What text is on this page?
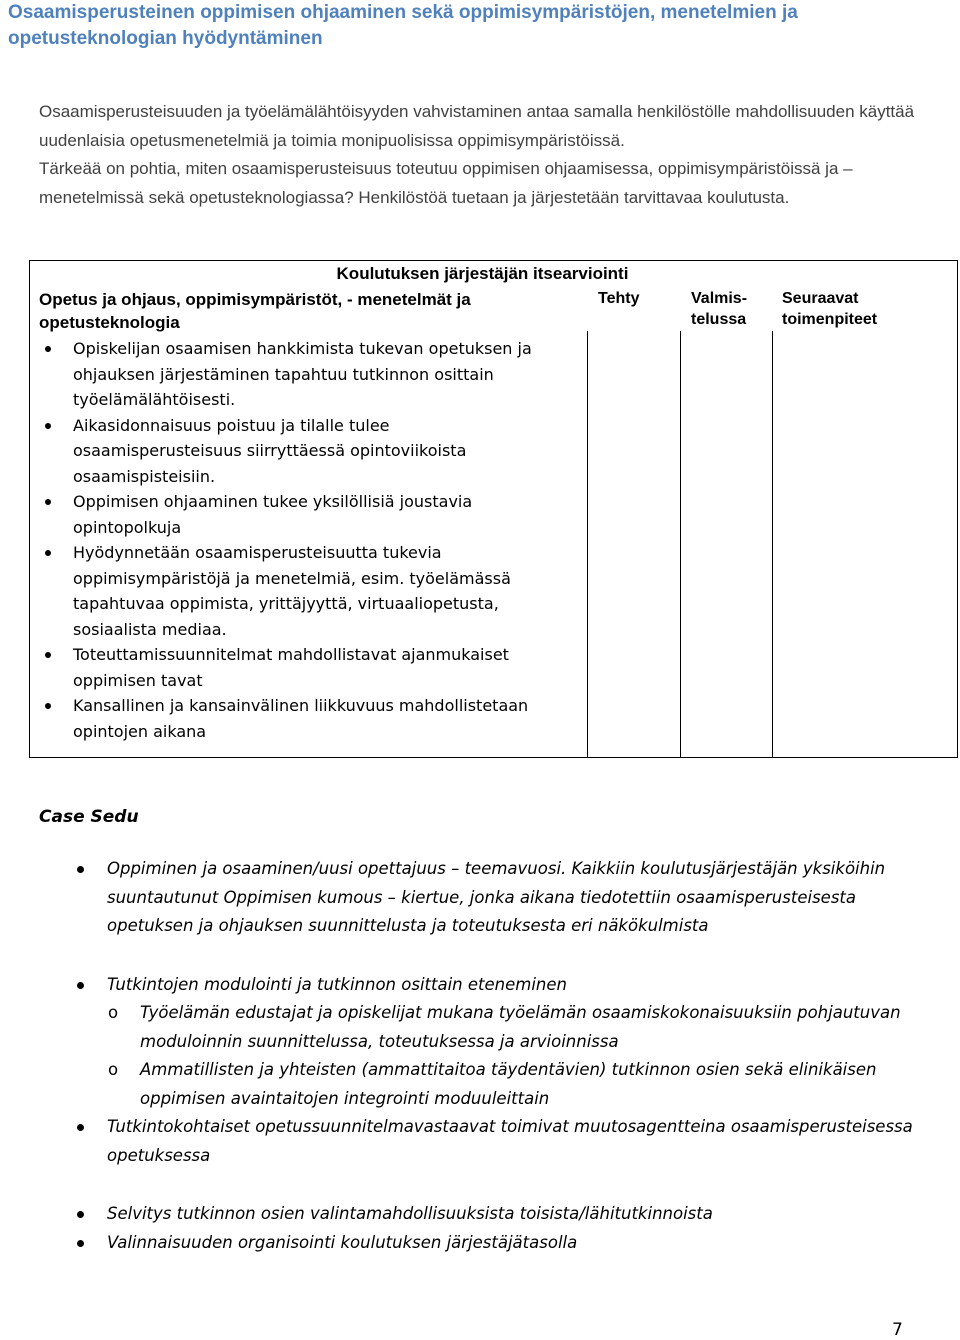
Osaamisperusteinen oppimisen ohjaaminen sekä oppimisympäristöjen, menetelmien ja opetusteknologian hyödyntäminen

Osaamisperusteisuuden ja työelämälähtöisyyden vahvistaminen antaa samalla henkilöstölle mahdollisuuden käyttää uudenlaisia opetusmenetelmiä ja toimia monipuolisissa oppimisympäristöissä.

Tärkeää on pohtia, miten osaamisperusteisuus toteutuu oppimisen ohjaamisessa, oppimisympäristöissä ja – menetelmissä sekä opetusteknologiassa? Henkilöstöä tuetaan ja järjestetään tarvittavaa koulutusta.

Koulutuksen järjestäjän itsearviointi
Opetus ja ohjaus, oppimisympäristöt, - menetelmät ja opetusteknologia
Tehty	Valmis-
telussa
Seuraavat
toimenpiteet
Opiskelijan osaamisen hankkimista tukevan opetuksen ja ohjauksen järjestäminen tapahtuu tutkinnon osittain työelämälähtöisesti.
Aikasidonnaisuus poistuu ja tilalle tulee osaamisperusteisuus siirryttäessä opintoviikoista osaamispisteisiin.
Oppimisen ohjaaminen tukee yksilöllisiä joustavia opintopolkuja
Hyödynnetään osaamisperusteisuutta tukevia oppimisympäristöjä ja menetelmiä, esim. työelämässä tapahtuvaa oppimista, yrittäjyyttä, virtuaaliopetusta, sosiaalista mediaa.
Toteuttamissuunnitelmat mahdollistavat ajanmukaiset oppimisen tavat
Kansallinen ja kansainvälinen liikkuvuus mahdollistetaan opintojen aikana
Case Sedu
Oppiminen ja osaaminen/uusi opettajuus – teemavuosi. Kaikkiin koulutusjärjestäjän yksiköihin suuntautunut Oppimisen kumous – kiertue, jonka aikana tiedotettiin osaamisperusteisesta opetuksen ja ohjauksen suunnittelusta ja toteutuksesta eri näkökulmista
Tutkintojen modulointi ja tutkinnon osittain eteneminen
o Työelämän edustajat ja opiskelijat mukana työelämän osaamiskokonaisuuksiin pohjautuvan moduloinnin suunnittelussa, toteutuksessa ja arvioinnissa
o Ammatillisten ja yhteisten (ammattitaitoa täydentävien) tutkinnon osien sekä elinikäisen oppimisen avaintaitojen integrointi moduuleittain
Tutkintokohtaiset opetussuunnitelmavastaavat toimivat muutosagentteina osaamisperusteisessa opetuksessa
Selvitys tutkinnon osien valintamahdollisuuksista toisista/lähitutkinnoista
Valinnaisuuden organisointi koulutuksen järjestäjätasolla
7
